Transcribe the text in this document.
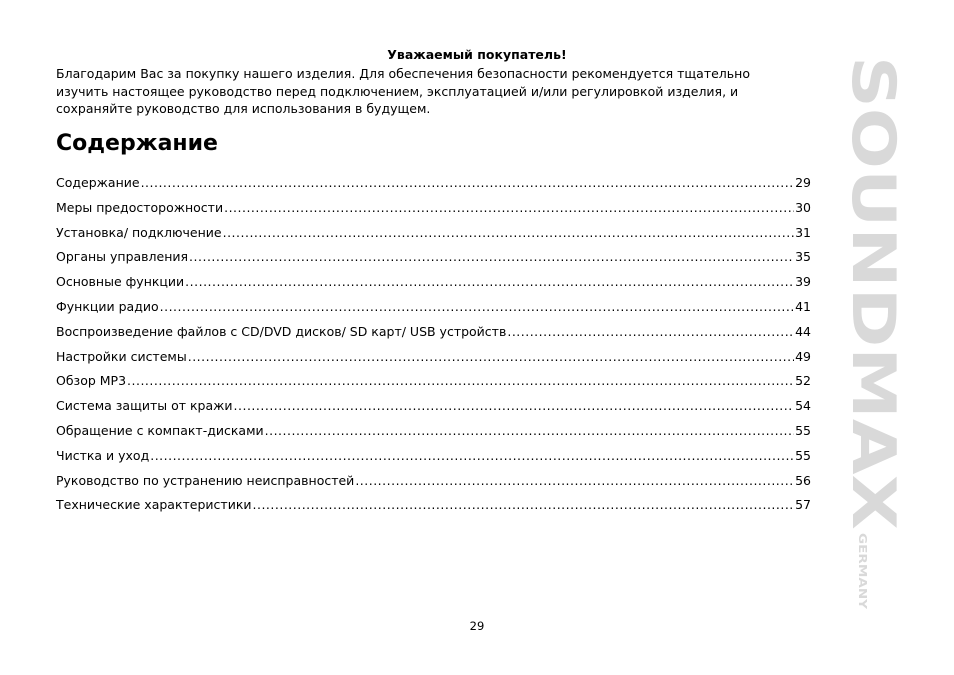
Уважаемый покупатель!
Благодарим Вас за покупку нашего изделия. Для обеспечения безопасности рекомендуется тщательно
изучить настоящее руководство перед подключением, эксплуатацией и/или регулировкой изделия, и
сохраняйте руководство для использования в будущем.
Содержание
Содержание .....	29
Меры предосторожности .....	30
Установка/ подключение .....	31
Органы управления .....	35
Основные функции .....	39
Функции радио .....	41
Воспроизведение файлов с CD/DVD дисков/ SD карт/ USB устройств .....	44
Настройки системы .....	49
Обзор MP3 .....	52
Система защиты от кражи .....	54
Обращение с компакт-дисками .....	55
Чистка и уход .....	55
Руководство по устранению неисправностей .....	56
Технические характеристики .....	57
SOUNDMAX
GERMANY
29
